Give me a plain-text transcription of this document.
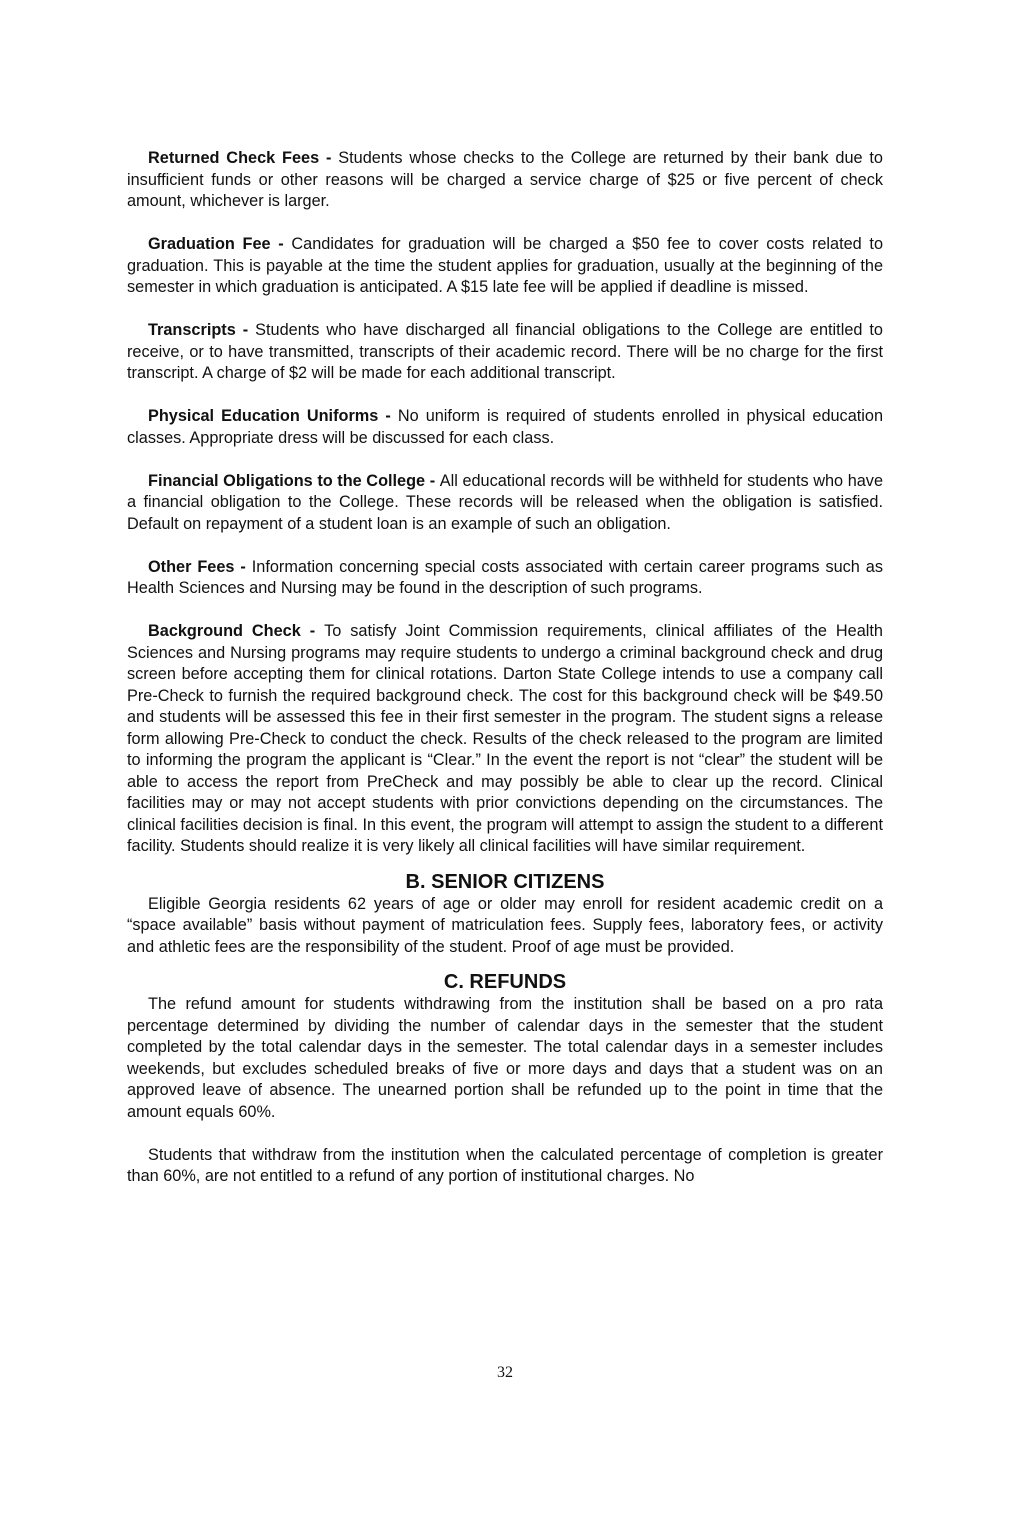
Returned Check Fees - Students whose checks to the College are returned by their bank due to insufficient funds or other reasons will be charged a service charge of $25 or five percent of check amount, whichever is larger.

Graduation Fee - Candidates for graduation will be charged a $50 fee to cover costs related to graduation. This is payable at the time the student applies for graduation, usually at the beginning of the semester in which graduation is anticipated. A $15 late fee will be applied if deadline is missed.

Transcripts - Students who have discharged all financial obligations to the College are entitled to receive, or to have transmitted, transcripts of their academic record. There will be no charge for the first transcript. A charge of $2 will be made for each additional transcript.

Physical Education Uniforms - No uniform is required of students enrolled in physical education classes. Appropriate dress will be discussed for each class.

Financial Obligations to the College - All educational records will be withheld for students who have a financial obligation to the College. These records will be released when the obligation is satisfied. Default on repayment of a student loan is an example of such an obligation.

Other Fees - Information concerning special costs associated with certain career programs such as Health Sciences and Nursing may be found in the description of such programs.

Background Check - To satisfy Joint Commission requirements, clinical affiliates of the Health Sciences and Nursing programs may require students to undergo a criminal background check and drug screen before accepting them for clinical rotations. Darton State College intends to use a company call Pre-Check to furnish the required background check. The cost for this background check will be $49.50 and students will be assessed this fee in their first semester in the program. The student signs a release form allowing Pre-Check to conduct the check. Results of the check released to the program are limited to informing the program the applicant is “Clear.” In the event the report is not “clear” the student will be able to access the report from PreCheck and may possibly be able to clear up the record. Clinical facilities may or may not accept students with prior convictions depending on the circumstances. The clinical facilities decision is final. In this event, the program will attempt to assign the student to a different facility. Students should realize it is very likely all clinical facilities will have similar requirement.

B. SENIOR CITIZENS

Eligible Georgia residents 62 years of age or older may enroll for resident academic credit on a “space available” basis without payment of matriculation fees. Supply fees, laboratory fees, or activity and athletic fees are the responsibility of the student. Proof of age must be provided.

C. REFUNDS

The refund amount for students withdrawing from the institution shall be based on a pro rata percentage determined by dividing the number of calendar days in the semester that the student completed by the total calendar days in the semester. The total calendar days in a semester includes weekends, but excludes scheduled breaks of five or more days and days that a student was on an approved leave of absence. The unearned portion shall be refunded up to the point in time that the amount equals 60%.

Students that withdraw from the institution when the calculated percentage of completion is greater than 60%, are not entitled to a refund of any portion of institutional charges. No

32
